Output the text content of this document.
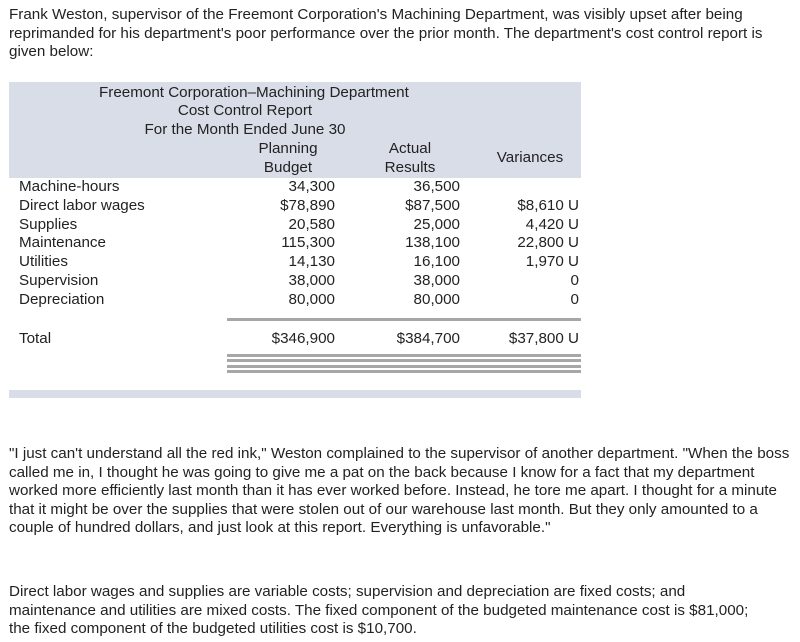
Frank Weston, supervisor of the Freemont Corporation's Machining Department, was visibly upset after being reprimanded for his department's poor performance over the prior month. The department's cost control report is given below:

Freemont Corporation–Machining Department
Cost Control Report
For the Month Ended June 30
Planning
Budget
Actual
Results
Variances
Machine-hours	34,300	36,500
Direct labor wages	$78,890	$87,500	$8,610 U
Supplies	20,580	25,000	4,420 U
Maintenance	115,300	138,100	22,800 U
Utilities	14,130	16,100	1,970 U
Supervision	38,000	38,000	0
Depreciation	80,000	80,000	0
Total	$346,900	$384,700	$37,800 U

"I just can't understand all the red ink," Weston complained to the supervisor of another department. "When the boss called me in, I thought he was going to give me a pat on the back because I know for a fact that my department worked more efficiently last month than it has ever worked before. Instead, he tore me apart. I thought for a minute that it might be over the supplies that were stolen out of our warehouse last month. But they only amounted to a couple of hundred dollars, and just look at this report. Everything is unfavorable."

Direct labor wages and supplies are variable costs; supervision and depreciation are fixed costs; and maintenance and utilities are mixed costs. The fixed component of the budgeted maintenance cost is $81,000; the fixed component of the budgeted utilities cost is $10,700.
